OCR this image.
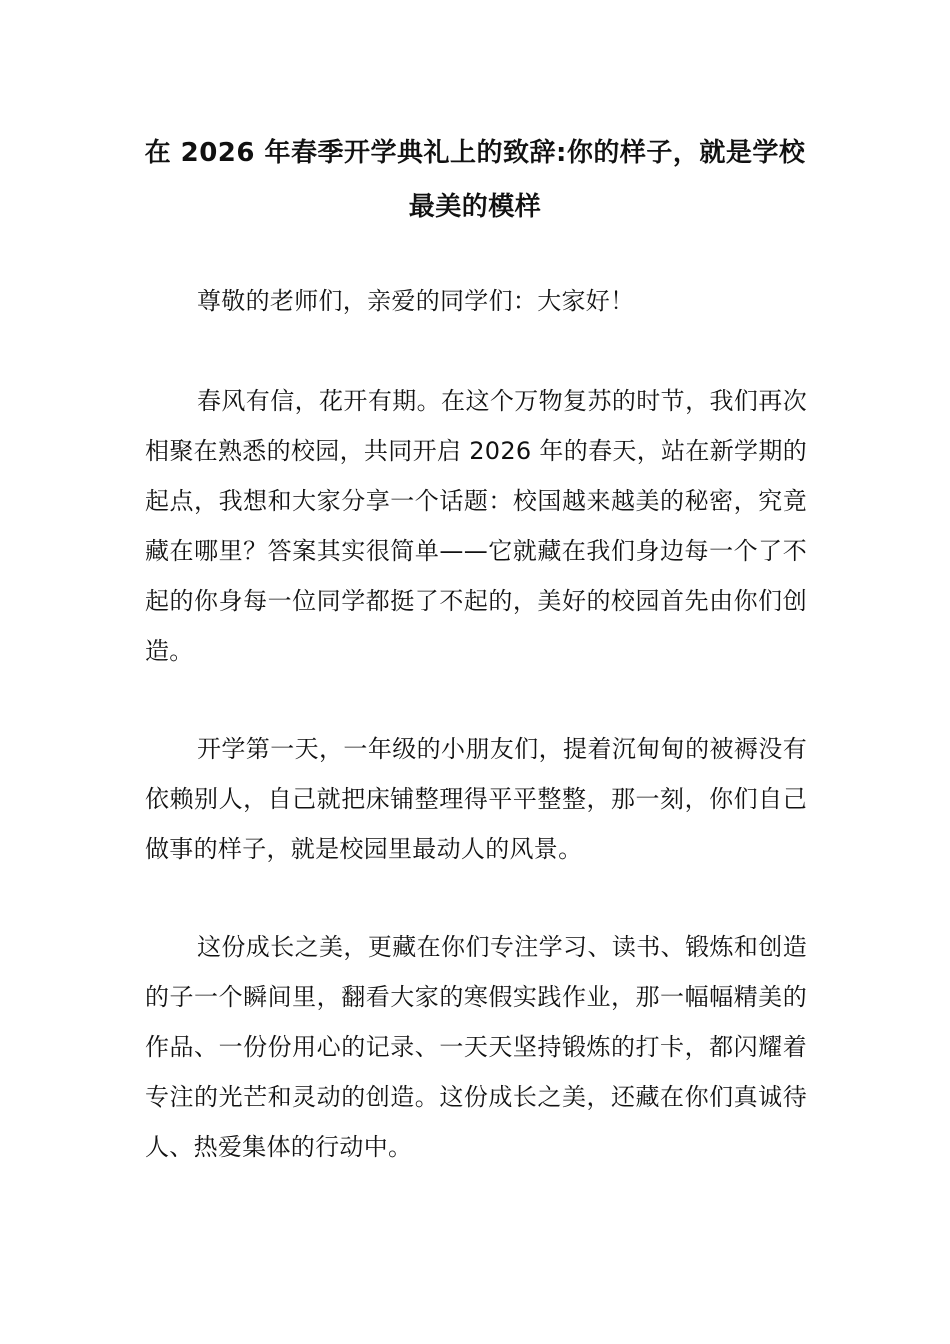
在 2026 年春季开学典礼上的致辞:你的样子，就是学校最美的模样

尊敬的老师们，亲爱的同学们：大家好！

春风有信，花开有期。在这个万物复苏的时节，我们再次相聚在熟悉的校园，共同开启 2026 年的春天，站在新学期的起点，我想和大家分享一个话题：校国越来越美的秘密，究竟藏在哪里？答案其实很简单——它就藏在我们身边每一个了不起的你身每一位同学都挺了不起的，美好的校园首先由你们创造。

开学第一天，一年级的小朋友们，提着沉甸甸的被褥没有依赖别人，自己就把床铺整理得平平整整，那一刻，你们自己做事的样子，就是校园里最动人的风景。

这份成长之美，更藏在你们专注学习、读书、锻炼和创造的子一个瞬间里，翻看大家的寒假实践作业，那一幅幅精美的作品、一份份用心的记录、一天天坚持锻炼的打卡，都闪耀着专注的光芒和灵动的创造。这份成长之美，还藏在你们真诚待人、热爱集体的行动中。
